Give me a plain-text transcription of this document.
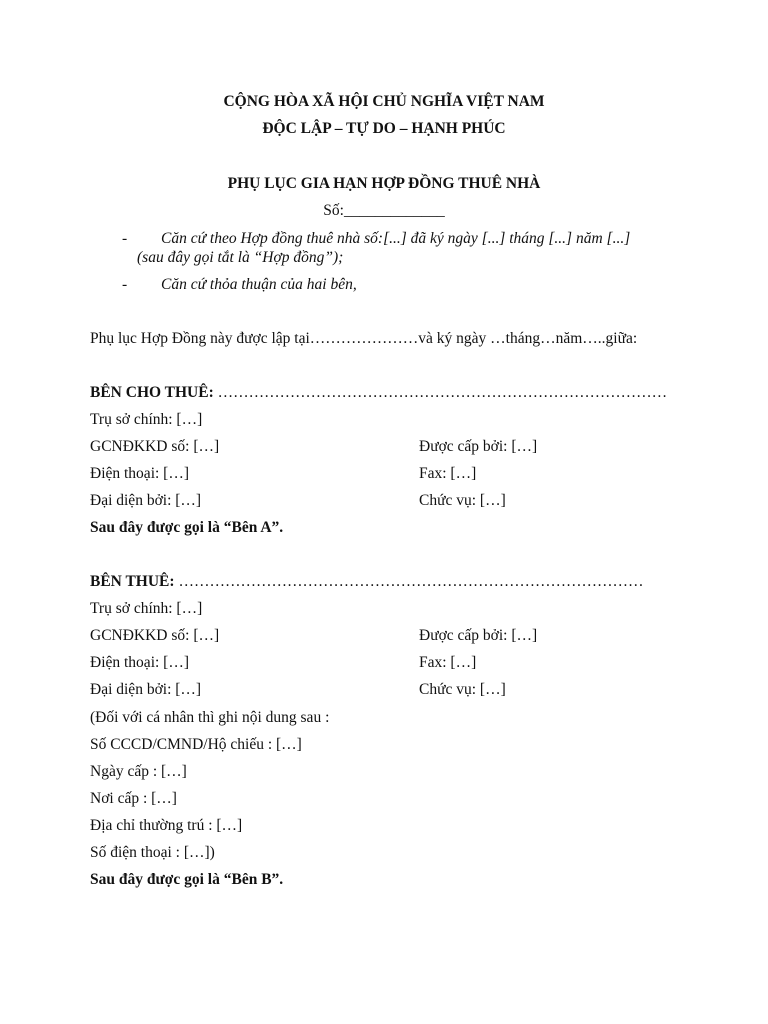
CỘNG HÒA XÃ HỘI CHỦ NGHĨA VIỆT NAM
ĐỘC LẬP – TỰ DO – HẠNH PHÚC
PHỤ LỤC GIA HẠN HỢP ĐỒNG THUÊ NHÀ
Số:_____________
- Căn cứ theo Hợp đồng thuê nhà số:[...] đã ký ngày [...] tháng [...] năm [...]
(sau đây gọi tắt là “Hợp đồng”);
- Căn cứ thỏa thuận của hai bên,
Phụ lục Hợp Đồng này được lập tại…………………và ký ngày …tháng…năm…..giữa:
BÊN CHO THUÊ: ……………………………………………………………………………
Trụ sở chính: […]
GCNĐKKD số: […]	Được cấp bởi: […]
Điện thoại: […]	Fax: […]
Đại diện bởi: […]	Chức vụ: […]
Sau đây được gọi là “Bên A”.
BÊN THUÊ: ………………………………………………………………………………
Trụ sở chính: […]
GCNĐKKD số: […]	Được cấp bởi: […]
Điện thoại: […]	Fax: […]
Đại diện bởi: […]	Chức vụ: […]
(Đối với cá nhân thì ghi nội dung sau :
Số CCCD/CMND/Hộ chiếu : […]
Ngày cấp : […]
Nơi cấp : […]
Địa chỉ thường trú : […]
Số điện thoại : […])
Sau đây được gọi là “Bên B”.
